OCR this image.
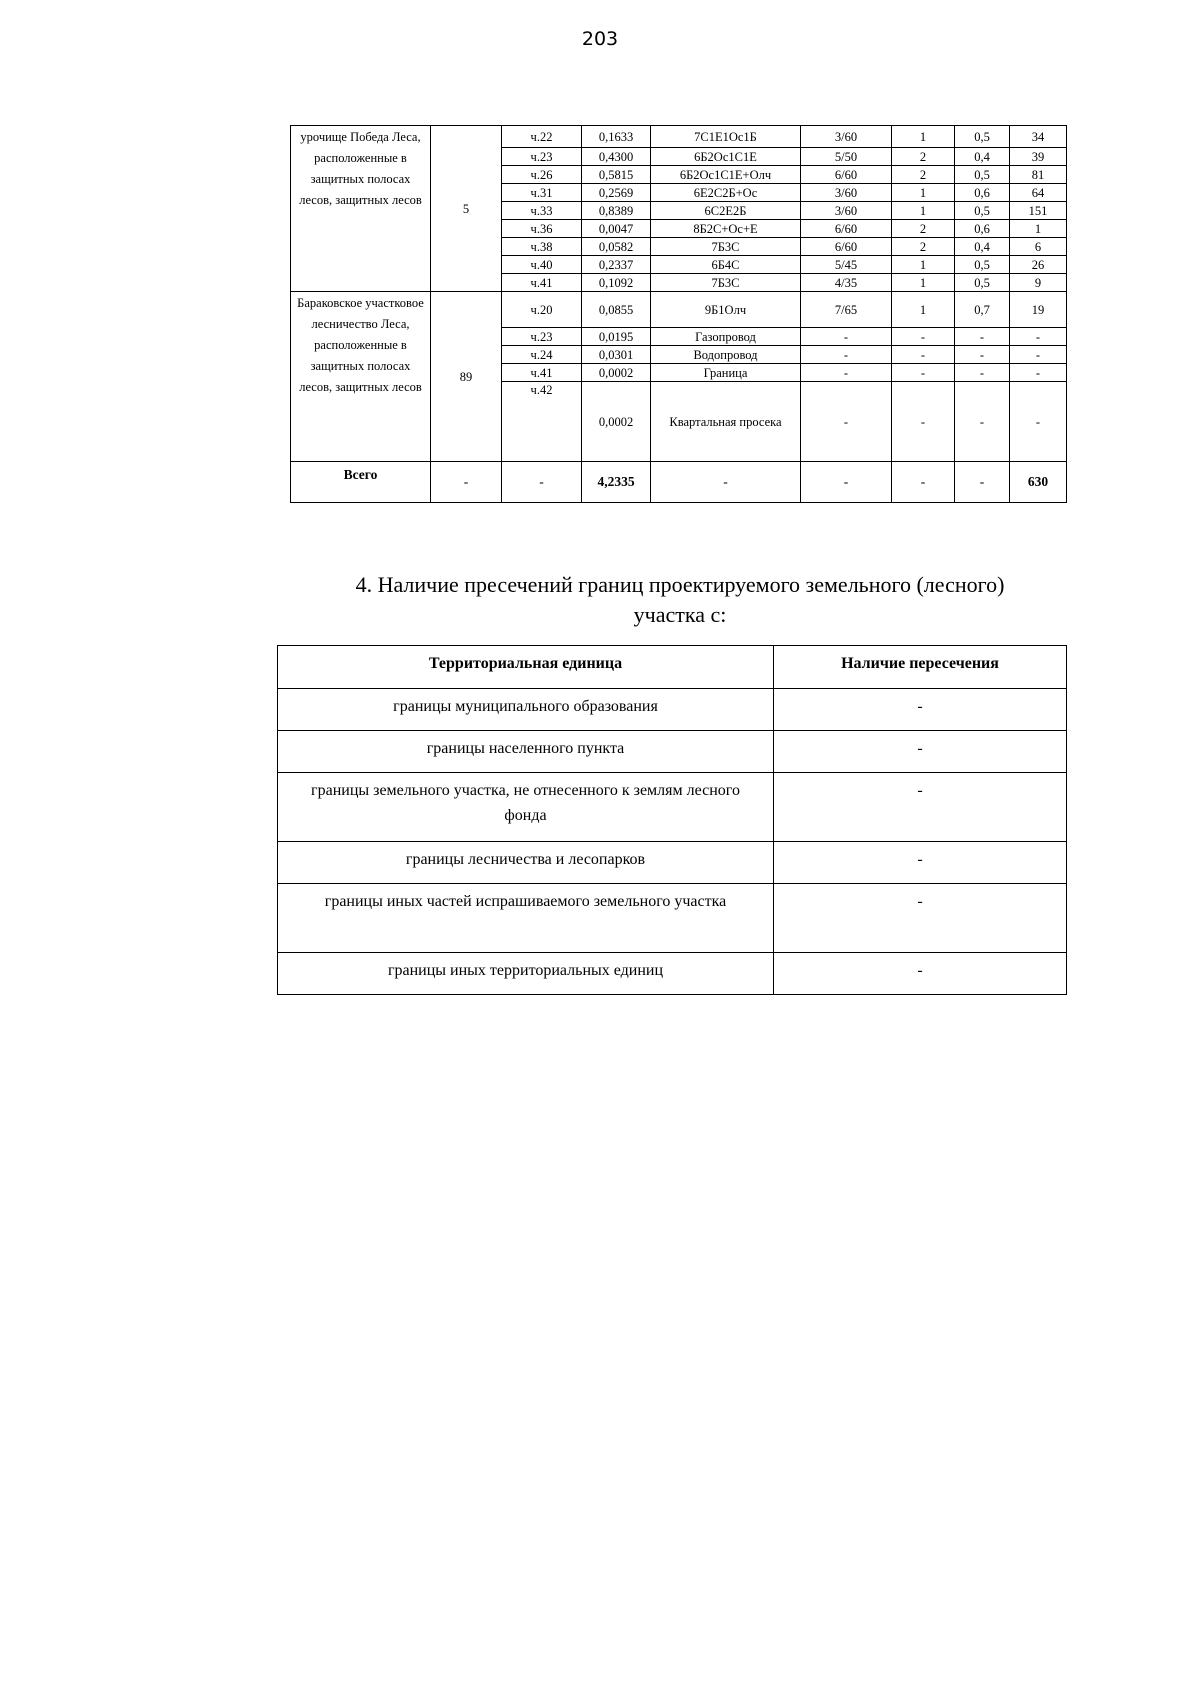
203
урочище Победа Леса, расположенные в защитных полосах лесов, защитных лесов	5	ч.22	0,1633	7С1Е1Ос1Б	3/60	1	0,5	34
		ч.23	0,4300	6Б2Ос1С1Е	5/50	2	0,4	39
		ч.26	0,5815	6Б2Ос1С1Е+Олч	6/60	2	0,5	81
		ч.31	0,2569	6Е2С2Б+Ос	3/60	1	0,6	64
		ч.33	0,8389	6С2Е2Б	3/60	1	0,5	151
		ч.36	0,0047	8Б2С+Ос+Е	6/60	2	0,6	1
		ч.38	0,0582	7Б3С	6/60	2	0,4	6
		ч.40	0,2337	6Б4С	5/45	1	0,5	26
		ч.41	0,1092	7Б3С	4/35	1	0,5	9
Бараковское участковое лесничество Леса, расположенные в защитных полосах лесов, защитных лесов	89	ч.20	0,0855	9Б1Олч	7/65	1	0,7	19
		ч.23	0,0195	Газопровод	-	-	-	-
		ч.24	0,0301	Водопровод	-	-	-	-
		ч.41	0,0002	Граница	-	-	-	-
		ч.42	0,0002	Квартальная просека	-	-	-	-
Всего	-	-	4,2335	-	-	-	-	630
4. Наличие пресечений границ проектируемого земельного (лесного)
участка с:
Территориальная единица	Наличие пересечения
границы муниципального образования	-
границы населенного пункта	-
границы земельного участка, не отнесенного к землям лесного фонда	-
границы лесничества и лесопарков	-
границы иных частей испрашиваемого земельного участка	-
границы иных территориальных единиц	-
